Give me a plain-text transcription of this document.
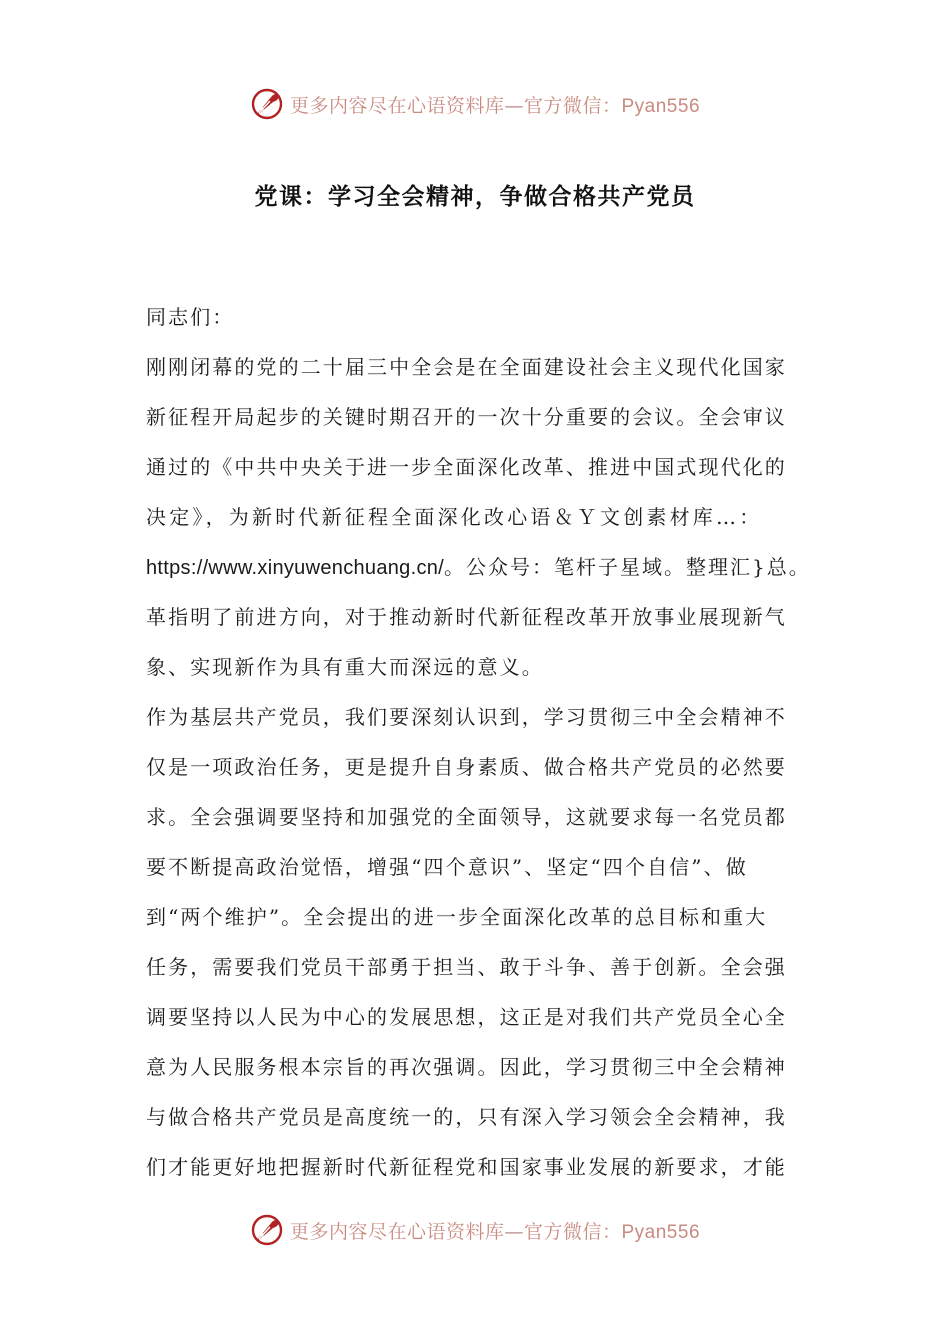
更多内容尽在心语资料库—官方微信：Pyan556
党课：学习全会精神，争做合格共产党员
同志们：
刚刚闭幕的党的二十届三中全会是在全面建设社会主义现代化国家
新征程开局起步的关键时期召开的一次十分重要的会议。全会审议
通过的《中共中央关于进一步全面深化改革、推进中国式现代化的
决定》，为新时代新征程全面深化改心语＆Ｙ文创素材库…：
https://www.xinyuwenchuang.cn/。公众号：笔杆子星域。整理汇}总。
革指明了前进方向，对于推动新时代新征程改革开放事业展现新气
象、实现新作为具有重大而深远的意义。
作为基层共产党员，我们要深刻认识到，学习贯彻三中全会精神不
仅是一项政治任务，更是提升自身素质、做合格共产党员的必然要
求。全会强调要坚持和加强党的全面领导，这就要求每一名党员都
要不断提高政治觉悟，增强“四个意识”、坚定“四个自信”、做
到“两个维护”。全会提出的进一步全面深化改革的总目标和重大
任务，需要我们党员干部勇于担当、敢于斗争、善于创新。全会强
调要坚持以人民为中心的发展思想，这正是对我们共产党员全心全
意为人民服务根本宗旨的再次强调。因此，学习贯彻三中全会精神
与做合格共产党员是高度统一的，只有深入学习领会全会精神，我
们才能更好地把握新时代新征程党和国家事业发展的新要求，才能
更多内容尽在心语资料库—官方微信：Pyan556
